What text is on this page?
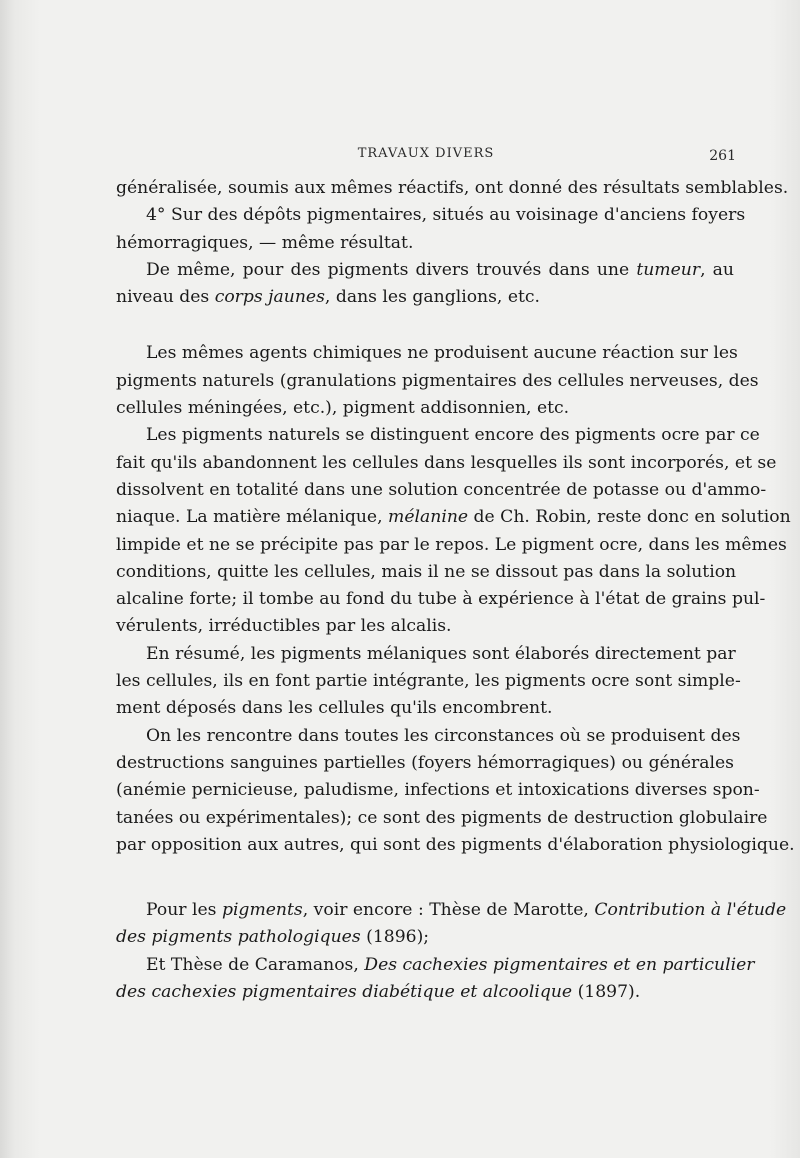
TRAVAUX DIVERS	261
généralisée, soumis aux mêmes réactifs, ont donné des résultats semblables.
4° Sur des dépôts pigmentaires, situés au voisinage d'anciens foyers
hémorragiques, — même résultat.
De même, pour des pigments divers trouvés dans une tumeur, au
niveau des corps jaunes, dans les ganglions, etc.
Les mêmes agents chimiques ne produisent aucune réaction sur les
pigments naturels (granulations pigmentaires des cellules nerveuses, des
cellules méningées, etc.), pigment addisonnien, etc.
Les pigments naturels se distinguent encore des pigments ocre par ce
fait qu'ils abandonnent les cellules dans lesquelles ils sont incorporés, et se
dissolvent en totalité dans une solution concentrée de potasse ou d'ammo-
niaque. La matière mélanique, mélanine de Ch. Robin, reste donc en solution
limpide et ne se précipite pas par le repos. Le pigment ocre, dans les mêmes
conditions, quitte les cellules, mais il ne se dissout pas dans la solution
alcaline forte; il tombe au fond du tube à expérience à l'état de grains pul-
vérulents, irréductibles par les alcalis.
En résumé, les pigments mélaniques sont élaborés directement par
les cellules, ils en font partie intégrante, les pigments ocre sont simple-
ment déposés dans les cellules qu'ils encombrent.
On les rencontre dans toutes les circonstances où se produisent des
destructions sanguines partielles (foyers hémorragiques) ou générales
(anémie pernicieuse, paludisme, infections et intoxications diverses spon-
tanées ou expérimentales); ce sont des pigments de destruction globulaire
par opposition aux autres, qui sont des pigments d'élaboration physiologique.
Pour les pigments, voir encore : Thèse de Marotte, Contribution à l'étude
des pigments pathologiques (1896);
Et Thèse de Caramanos, Des cachexies pigmentaires et en particulier
des cachexies pigmentaires diabétique et alcoolique (1897).
